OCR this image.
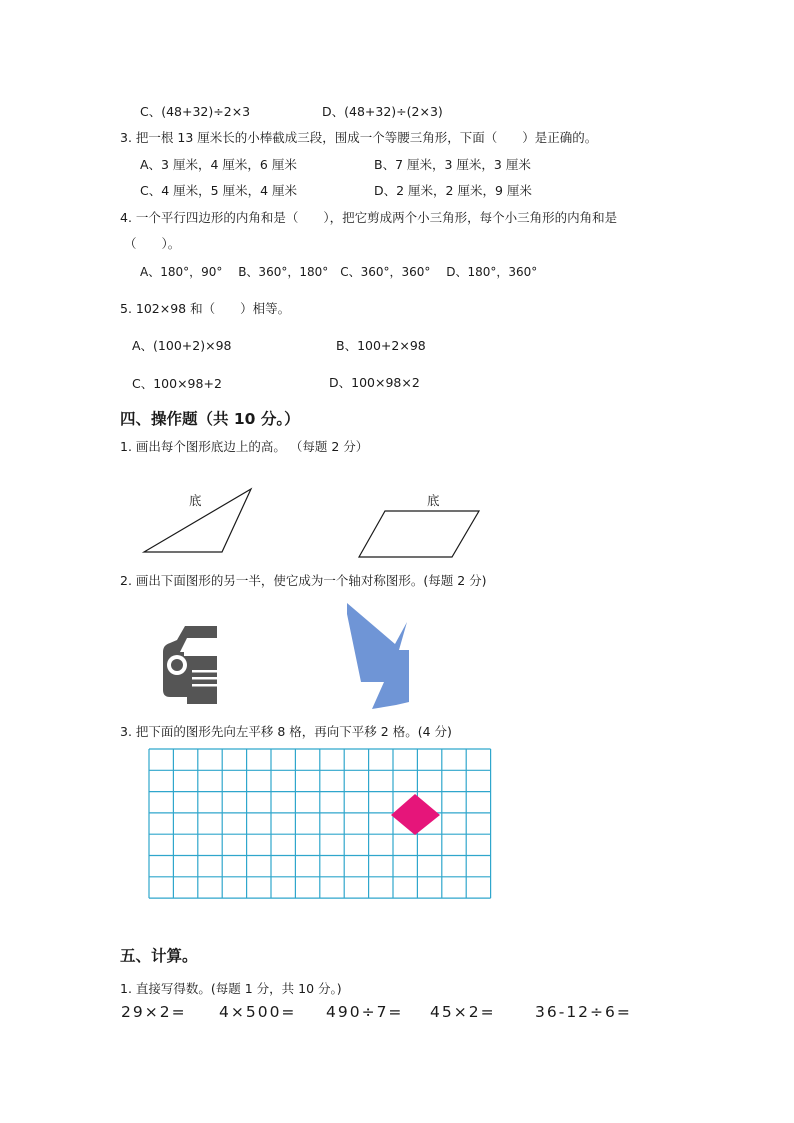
C、(48+32)÷2×3	D、(48+32)÷(2×3)
3. 把一根 13 厘米长的小棒截成三段，围成一个等腰三角形，下面（　　）是正确的。
A、3 厘米，4 厘米，6 厘米	B、7 厘米，3 厘米，3 厘米
C、4 厘米，5 厘米，4 厘米	D、2 厘米，2 厘米，9 厘米
4. 一个平行四边形的内角和是（　　），把它剪成两个小三角形，每个小三角形的内角和是
（　　）。
A、180°，90°　 B、360°，180°　C、360°，360°　 D、180°，360°
5. 102×98 和（　　）相等。
A、(100+2)×98	B、100+2×98
C、100×98+2	D、100×98×2
四、操作题（共 10 分。）
1. 画出每个图形底边上的高。 （每题 2 分）
底	底
2. 画出下面图形的另一半，使它成为一个轴对称图形。(每题 2 分)
3. 把下面的图形先向左平移 8 格，再向下平移 2 格。(4 分)
五、计算。
1. 直接写得数。(每题 1 分，共 10 分。)
29×2= 4×500= 490÷7= 45×2=	36-12÷6=
